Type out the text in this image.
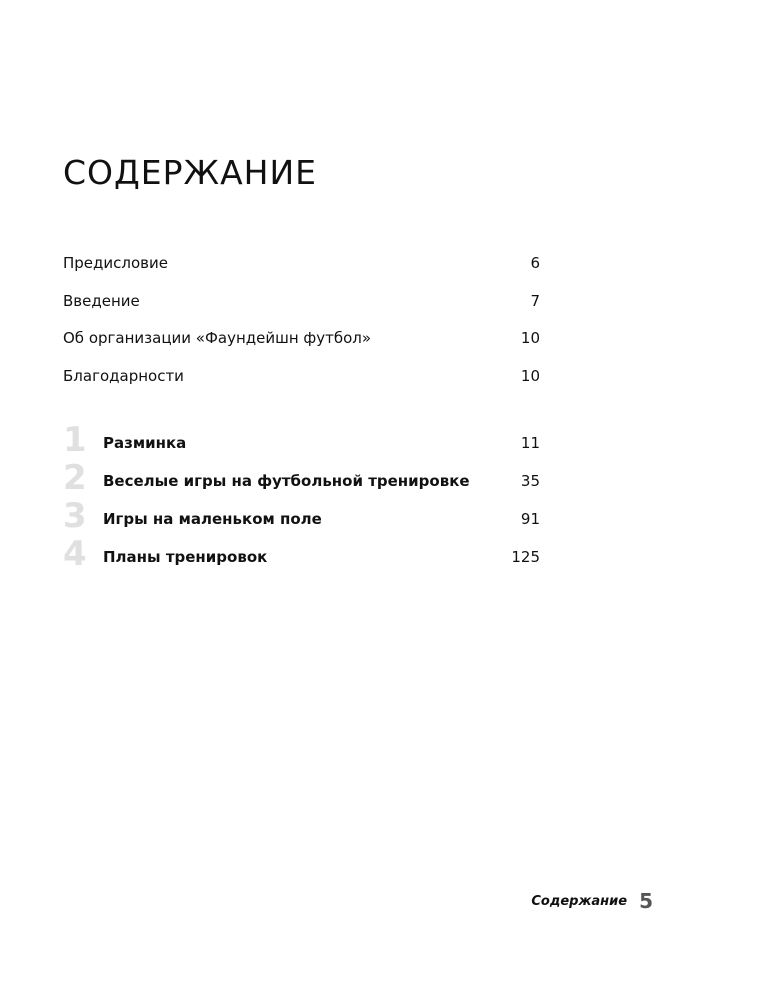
СОДЕРЖАНИЕ
Предисловие	6
Введение	7
Об организации «Фаундейшн футбол»	10
Благодарности	10
1	Разминка	11
2	Веселые игры на футбольной тренировке	35
3	Игры на маленьком поле	91
4	Планы тренировок	125
Содержание 5
